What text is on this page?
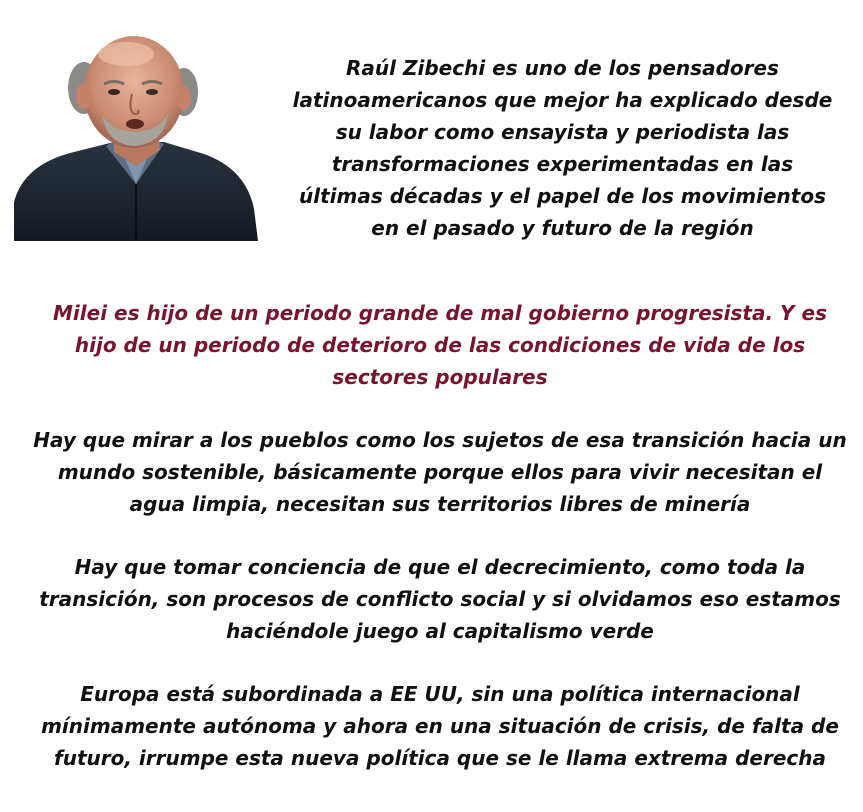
Raúl Zibechi es uno de los pensadores latinoamericanos que mejor ha explicado desde su labor como ensayista y periodista las transformaciones experimentadas en las últimas décadas y el papel de los movimientos en el pasado y futuro de la región
Milei es hijo de un periodo grande de mal gobierno progresista. Y es hijo de un periodo de deterioro de las condiciones de vida de los sectores populares
Hay que mirar a los pueblos como los sujetos de esa transición hacia un mundo sostenible, básicamente porque ellos para vivir necesitan el agua limpia, necesitan sus territorios libres de minería
Hay que tomar conciencia de que el decrecimiento, como toda la transición, son procesos de conflicto social y si olvidamos eso estamos haciéndole juego al capitalismo verde
Europa está subordinada a EE UU, sin una política internacional mínimamente autónoma y ahora en una situación de crisis, de falta de futuro, irrumpe esta nueva política que se le llama extrema derecha
